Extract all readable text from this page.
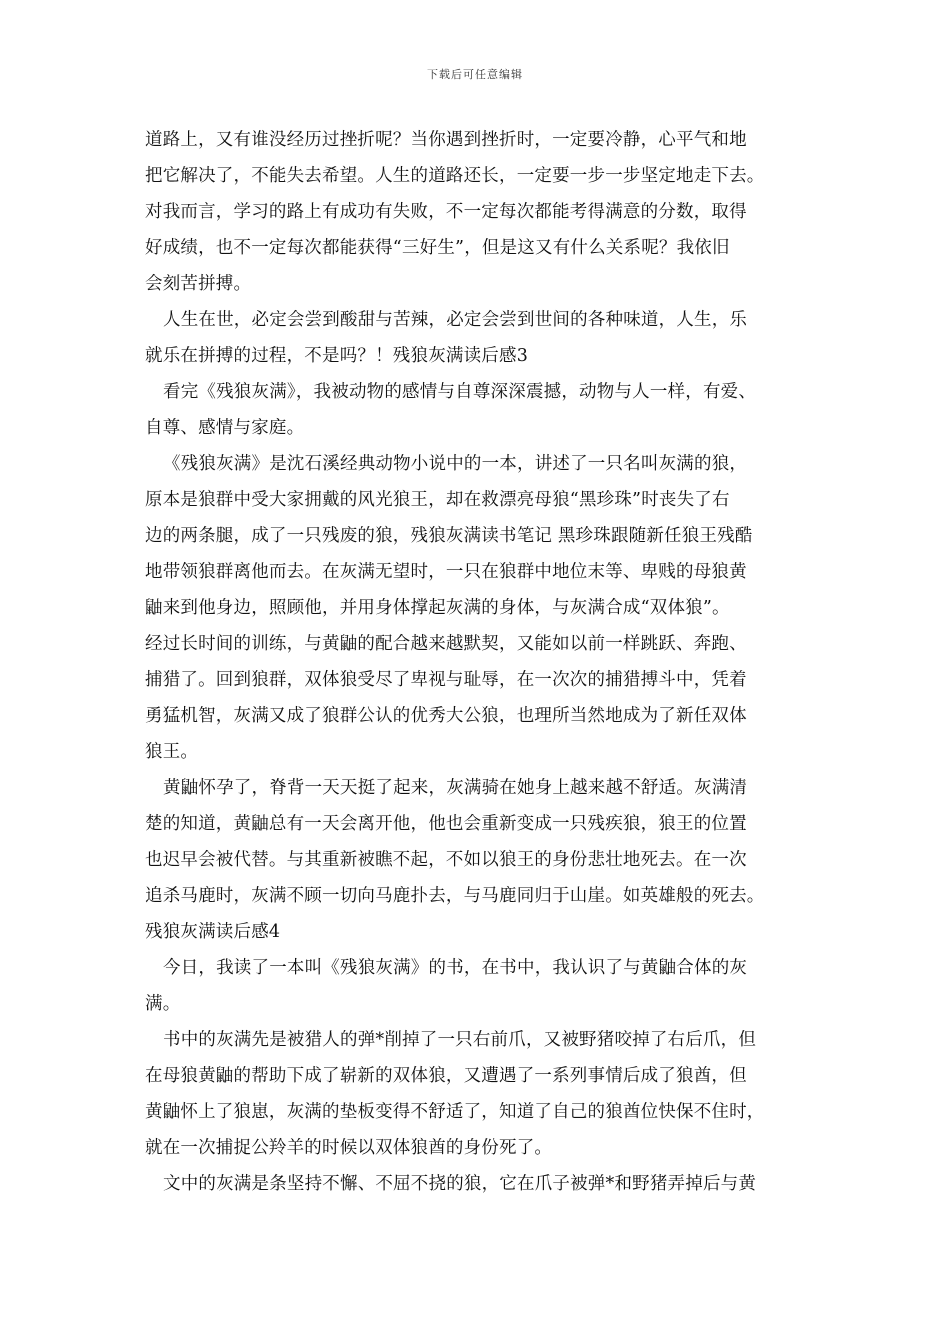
下载后可任意编辑
道路上，又有谁没经历过挫折呢？当你遇到挫折时，一定要冷静，心平气和地
把它解决了，不能失去希望。人生的道路还长，一定要一步一步坚定地走下去。
对我而言，学习的路上有成功有失败，不一定每次都能考得满意的分数，取得
好成绩，也不一定每次都能获得“三好生”，但是这又有什么关系呢？我依旧
会刻苦拼搏。
人生在世，必定会尝到酸甜与苦辣，必定会尝到世间的各种味道，人生，乐
就乐在拼搏的过程，不是吗？！残狼灰满读后感3
看完《残狼灰满》，我被动物的感情与自尊深深震撼，动物与人一样，有爱、
自尊、感情与家庭。
《残狼灰满》是沈石溪经典动物小说中的一本，讲述了一只名叫灰满的狼，
原本是狼群中受大家拥戴的风光狼王，却在救漂亮母狼“黑珍珠”时丧失了右
边的两条腿，成了一只残废的狼，残狼灰满读书笔记 黑珍珠跟随新任狼王残酷
地带领狼群离他而去。在灰满无望时，一只在狼群中地位末等、卑贱的母狼黄
鼬来到他身边，照顾他，并用身体撑起灰满的身体，与灰满合成“双体狼”。
经过长时间的训练，与黄鼬的配合越来越默契，又能如以前一样跳跃、奔跑、
捕猎了。回到狼群，双体狼受尽了卑视与耻辱，在一次次的捕猎搏斗中，凭着
勇猛机智，灰满又成了狼群公认的优秀大公狼，也理所当然地成为了新任双体
狼王。
黄鼬怀孕了，脊背一天天挺了起来，灰满骑在她身上越来越不舒适。灰满清
楚的知道，黄鼬总有一天会离开他，他也会重新变成一只残疾狼，狼王的位置
也迟早会被代替。与其重新被瞧不起，不如以狼王的身份悲壮地死去。在一次
追杀马鹿时，灰满不顾一切向马鹿扑去，与马鹿同归于山崖。如英雄般的死去。
残狼灰满读后感4
今日，我读了一本叫《残狼灰满》的书，在书中，我认识了与黄鼬合体的灰
满。
书中的灰满先是被猎人的弹*削掉了一只右前爪，又被野猪咬掉了右后爪，但
在母狼黄鼬的帮助下成了崭新的双体狼，又遭遇了一系列事情后成了狼酋，但
黄鼬怀上了狼崽，灰满的垫板变得不舒适了，知道了自己的狼酋位快保不住时，
就在一次捕捉公羚羊的时候以双体狼酋的身份死了。
文中的灰满是条坚持不懈、不屈不挠的狼，它在爪子被弹*和野猪弄掉后与黄
